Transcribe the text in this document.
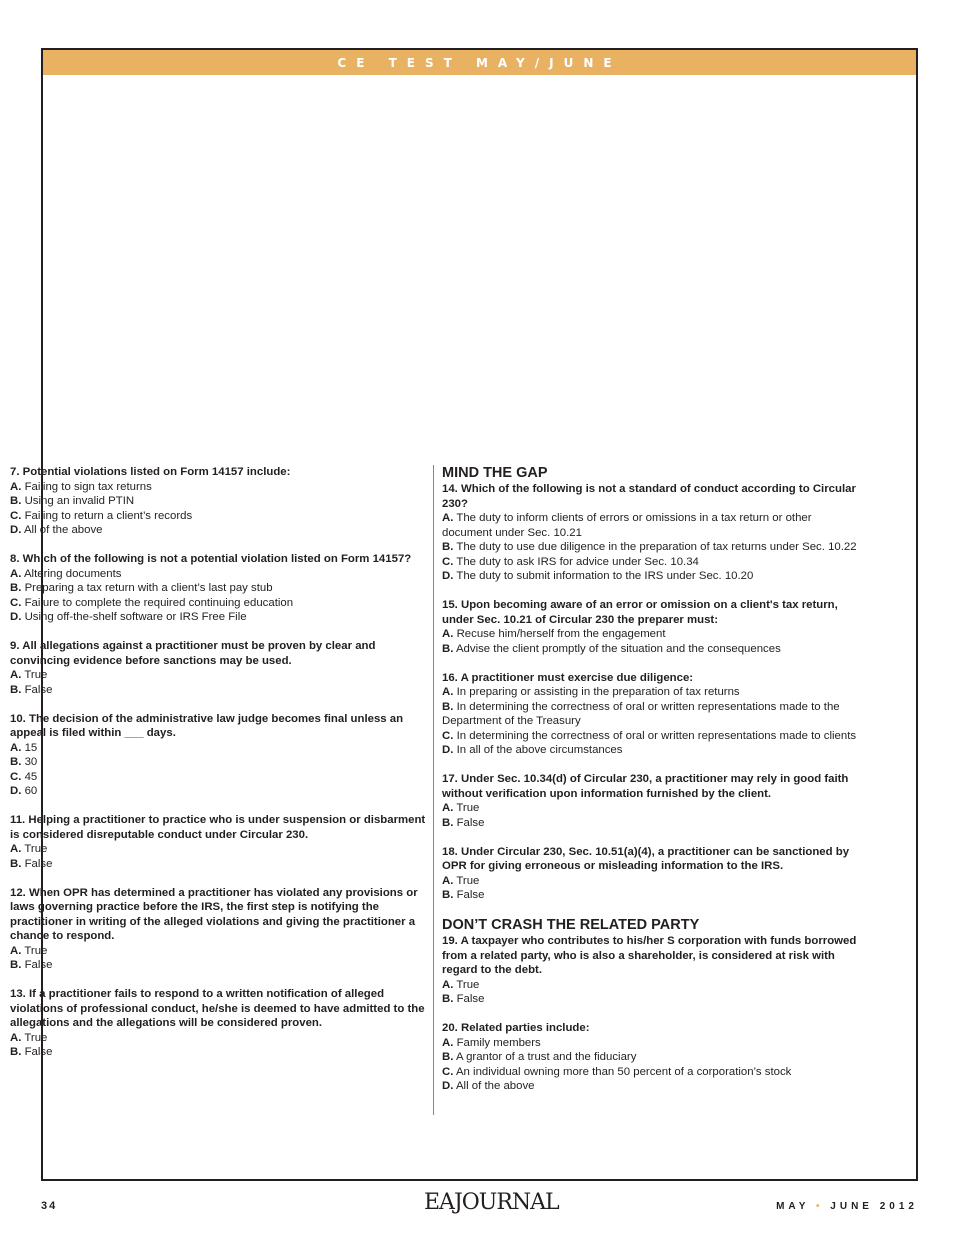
CE TEST MAY/JUNE
7. Potential violations listed on Form 14157 include:
A. Failing to sign tax returns
B. Using an invalid PTIN
C. Failing to return a client’s records
D. All of the above
8. Which of the following is not a potential violation listed on Form 14157?
A. Altering documents
B. Preparing a tax return with a client’s last pay stub
C. Failure to complete the required continuing education
D. Using off-the-shelf software or IRS Free File
9. All allegations against a practitioner must be proven by clear and convincing evidence before sanctions may be used.
A. True
B. False
10. The decision of the administrative law judge becomes final unless an appeal is filed within ___ days.
A. 15
B. 30
C. 45
D. 60
11. Helping a practitioner to practice who is under suspension or disbarment is considered disreputable conduct under Circular 230.
A. True
B. False
12. When OPR has determined a practitioner has violated any provisions or laws governing practice before the IRS, the first step is notifying the practitioner in writing of the alleged violations and giving the practitioner a chance to respond.
A. True
B. False
13. If a practitioner fails to respond to a written notification of alleged violations of professional conduct, he/she is deemed to have admitted to the allegations and the allegations will be considered proven.
A. True
B. False
MIND THE GAP
14. Which of the following is not a standard of conduct according to Circular 230?
A. The duty to inform clients of errors or omissions in a tax return or other document under Sec. 10.21
B. The duty to use due diligence in the preparation of tax returns under Sec. 10.22
C. The duty to ask IRS for advice under Sec. 10.34
D. The duty to submit information to the IRS under Sec. 10.20
15. Upon becoming aware of an error or omission on a client's tax return, under Sec. 10.21 of Circular 230 the preparer must:
A. Recuse him/herself from the engagement
B. Advise the client promptly of the situation and the consequences
16. A practitioner must exercise due diligence:
A. In preparing or assisting in the preparation of tax returns
B. In determining the correctness of oral or written representations made to the Department of the Treasury
C. In determining the correctness of oral or written representations made to clients
D. In all of the above circumstances
17. Under Sec. 10.34(d) of Circular 230, a practitioner may rely in good faith without verification upon information furnished by the client.
A. True
B. False
18. Under Circular 230, Sec. 10.51(a)(4), a practitioner can be sanctioned by OPR for giving erroneous or misleading information to the IRS.
A. True
B. False
DON’T CRASH THE RELATED PARTY
19. A taxpayer who contributes to his/her S corporation with funds borrowed from a related party, who is also a shareholder, is considered at risk with regard to the debt.
A. True
B. False
20. Related parties include:
A. Family members
B. A grantor of a trust and the fiduciary
C. An individual owning more than 50 percent of a corporation’s stock
D. All of the above
34	EAJOURNAL	MAY • JUNE 2012
